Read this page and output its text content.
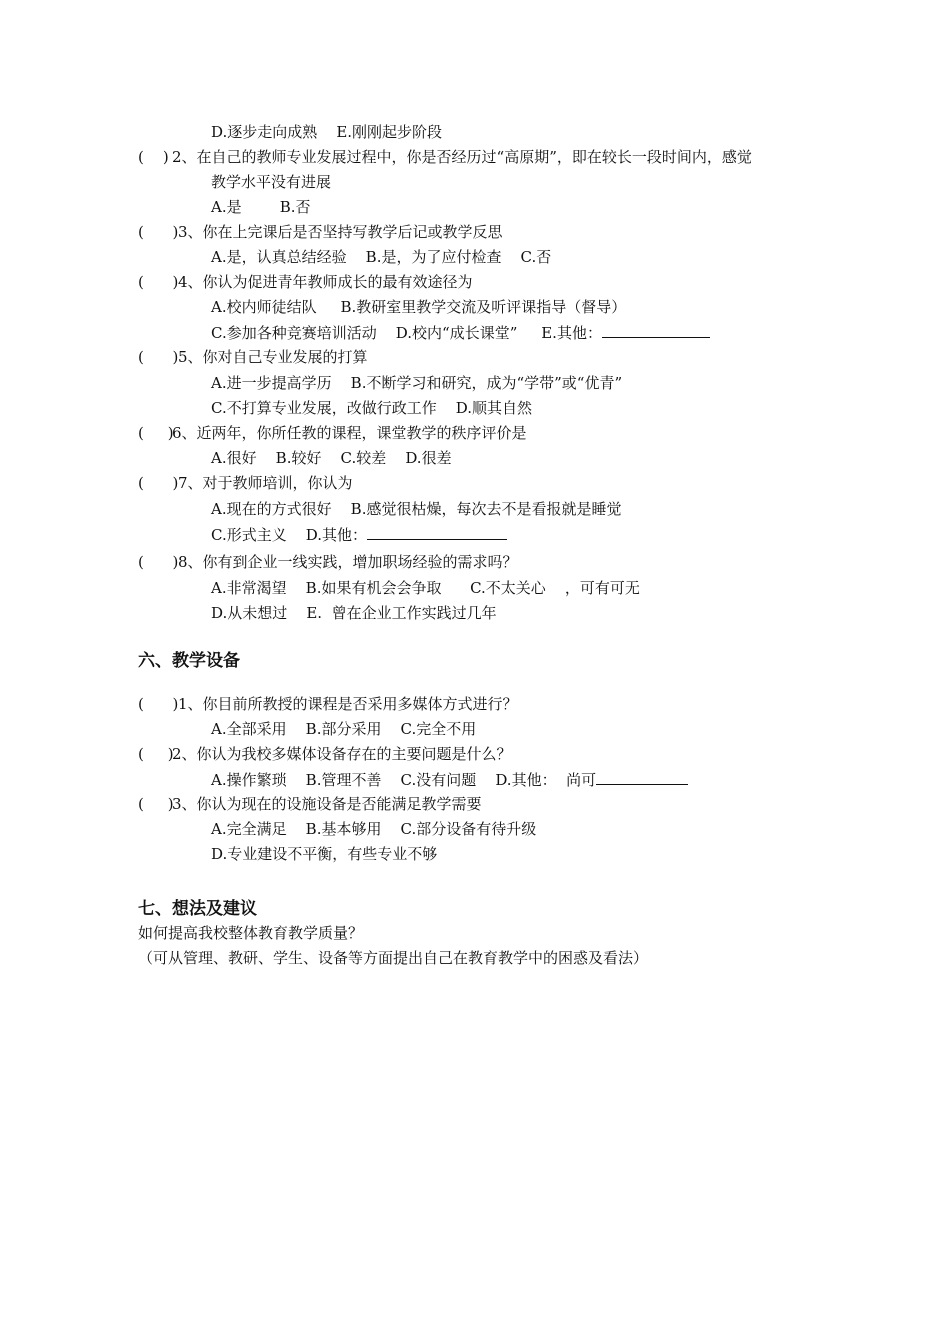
D.逐步走向成熟    E.刚刚起步阶段
(    ) 2、在自己的教师专业发展过程中，你是否经历过“高原期”，即在较长一段时间内，感觉
教学水平没有进展
A.是        B.否
(      ) 3、你在上完课后是否坚持写教学后记或教学反思
A.是，认真总结经验    B.是，为了应付检查    C.否
(      ) 4、你认为促进青年教师成长的最有效途径为
A.校内师徒结队     B.教研室里教学交流及听评课指导（督导）
C.参加各种竞赛培训活动    D.校内“成长课堂”     E.其他：
(      ) 5、你对自己专业发展的打算
A.进一步提高学历    B.不断学习和研究，成为“学带”或“优青”
C.不打算专业发展，改做行政工作    D.顺其自然
(     )
6、近两年，你所任教的课程，课堂教学的秩序评价是
A.很好    B.较好    C.较差    D.很差
(      ) 7、对于教师培训，你认为
A.现在的方式很好    B.感觉很枯燥，每次去不是看报就是睡觉
C.形式主义    D.其他：
(      ) 8、你有到企业一线实践，增加职场经验的需求吗？
A.非常渴望    B.如果有机会会争取      C.不太关心    ，可有可无
D.从未想过    E.  曾在企业工作实践过几年
六、教学设备
(      ) 1、你目前所教授的课程是否采用多媒体方式进行？
A.全部采用    B.部分采用    C.完全不用
(     )
2、你认为我校多媒体设备存在的主要问题是什么？
A.操作繁琐    B.管理不善    C.没有问题    D.其他：  尚可
(     )
3、你认为现在的设施设备是否能满足教学需要
A.完全满足    B.基本够用    C.部分设备有待升级
D.专业建设不平衡，有些专业不够
七、想法及建议
如何提高我校整体教育教学质量？
（可从管理、教研、学生、设备等方面提出自己在教育教学中的困惑及看法）
